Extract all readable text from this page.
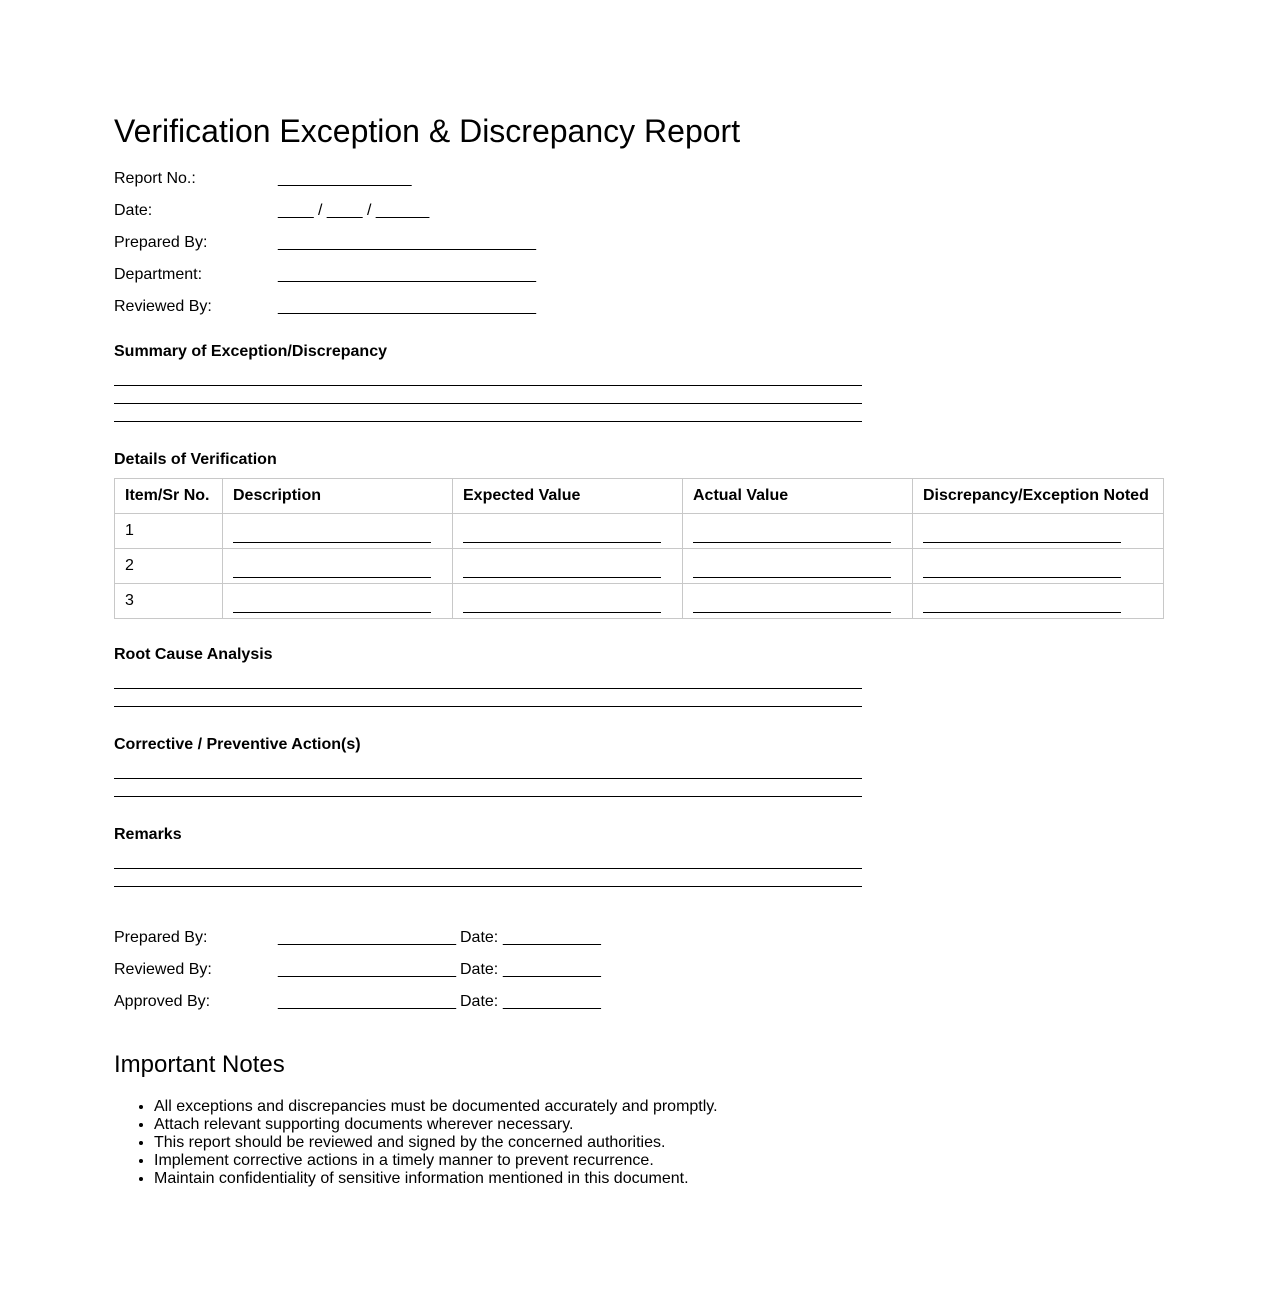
Verification Exception & Discrepancy Report
Report No.:	_______________
Date:	____ / ____ / ______
Prepared By:	_____________________________
Department:	_____________________________
Reviewed By:	_____________________________
Summary of Exception/Discrepancy
Details of Verification
Item/Sr No.	Description	Expected Value	Actual Value	Discrepancy/Exception Noted
1				
2				
3				
Root Cause Analysis
Corrective / Preventive Action(s)
Remarks
Prepared By:	____________________ Date: ___________
Reviewed By:	____________________ Date: ___________
Approved By:	____________________ Date: ___________
Important Notes
• All exceptions and discrepancies must be documented accurately and promptly.
• Attach relevant supporting documents wherever necessary.
• This report should be reviewed and signed by the concerned authorities.
• Implement corrective actions in a timely manner to prevent recurrence.
• Maintain confidentiality of sensitive information mentioned in this document.
